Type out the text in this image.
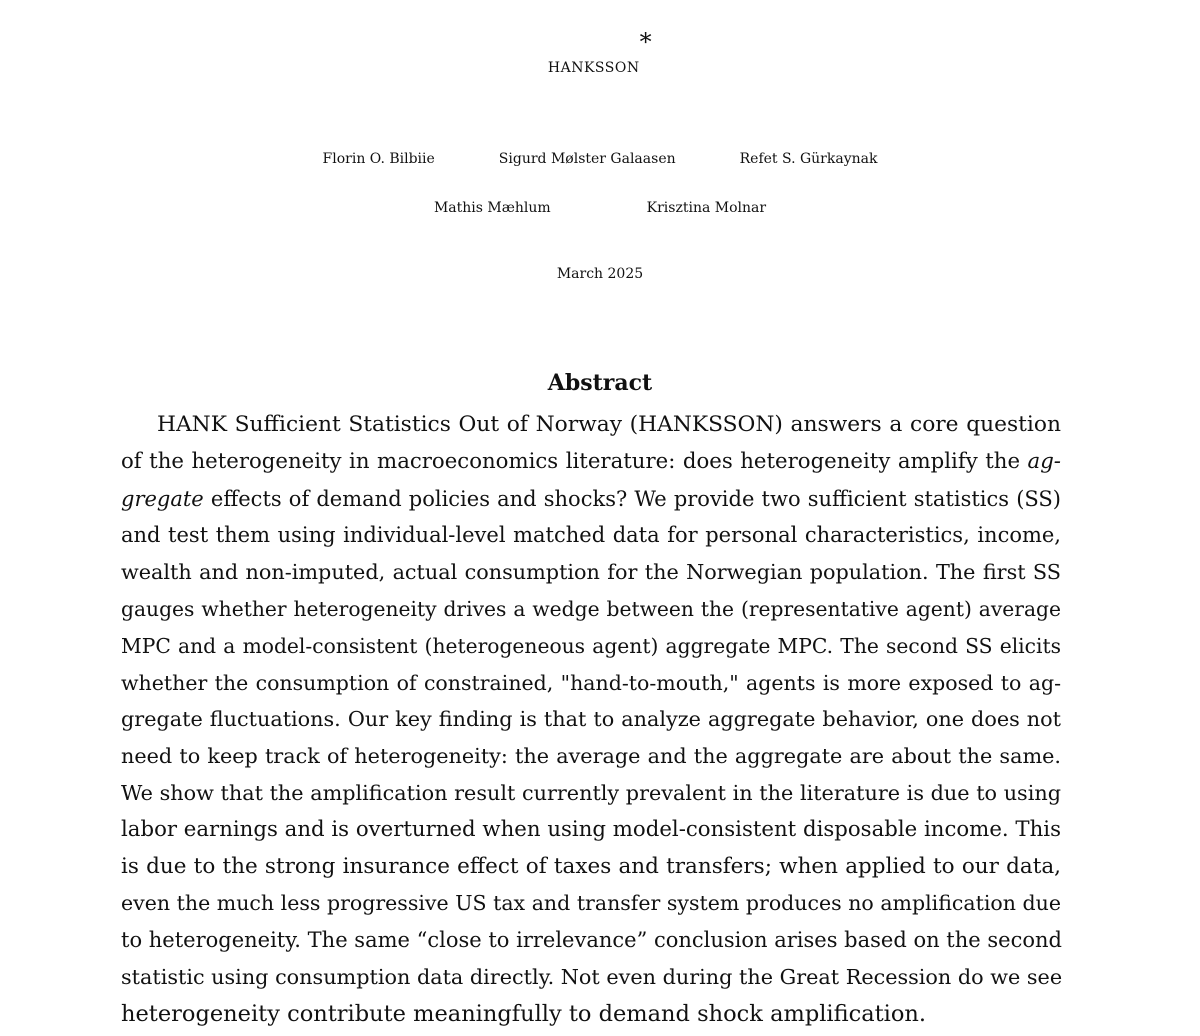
HANKSSON*
Florin O. Bilbiie	Sigurd Mølster Galaasen	Refet S. Gürkaynak
Mathis Mæhlum	Krisztina Molnar
March 2025
Abstract
HANK Sufficient Statistics Out of Norway (HANKSSON) answers a core question
of the heterogeneity in macroeconomics literature: does heterogeneity amplify the ag-
gregate effects of demand policies and shocks? We provide two sufficient statistics (SS)
and test them using individual-level matched data for personal characteristics, income,
wealth and non-imputed, actual consumption for the Norwegian population. The first SS
gauges whether heterogeneity drives a wedge between the (representative agent) average
MPC and a model-consistent (heterogeneous agent) aggregate MPC. The second SS elicits
whether the consumption of constrained, "hand-to-mouth," agents is more exposed to ag-
gregate fluctuations. Our key finding is that to analyze aggregate behavior, one does not
need to keep track of heterogeneity: the average and the aggregate are about the same.
We show that the amplification result currently prevalent in the literature is due to using
labor earnings and is overturned when using model-consistent disposable income. This
is due to the strong insurance effect of taxes and transfers; when applied to our data,
even the much less progressive US tax and transfer system produces no amplification due
to heterogeneity. The same “close to irrelevance” conclusion arises based on the second
statistic using consumption data directly. Not even during the Great Recession do we see
heterogeneity contribute meaningfully to demand shock amplification.
